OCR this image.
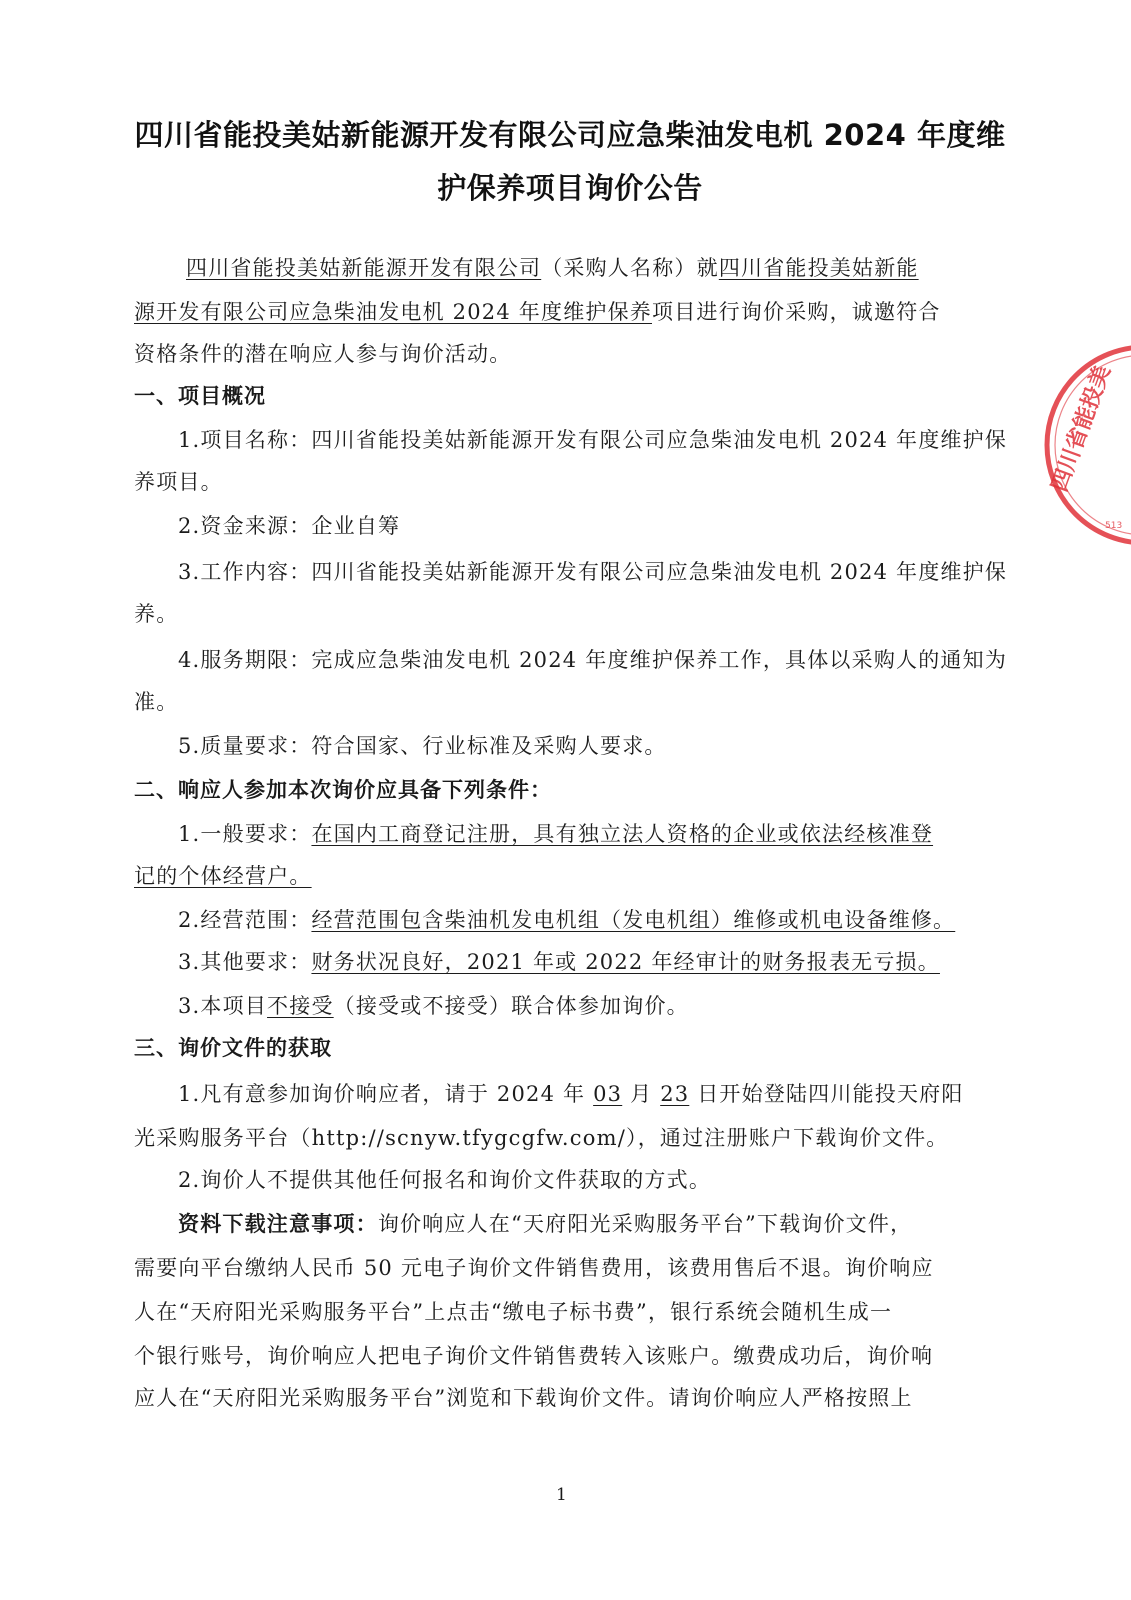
四川省能投美姑新能源开发有限公司应急柴油发电机 2024 年度维
护保养项目询价公告
四川省能投美姑新能源开发有限公司（采购人名称）就四川省能投美姑新能
源开发有限公司应急柴油发电机 2024 年度维护保养项目进行询价采购，诚邀符合
资格条件的潜在响应人参与询价活动。
一、项目概况
1.项目名称：四川省能投美姑新能源开发有限公司应急柴油发电机 2024 年度维护保
养项目。
2.资金来源：企业自筹
3.工作内容：四川省能投美姑新能源开发有限公司应急柴油发电机 2024 年度维护保
养。
4.服务期限：完成应急柴油发电机 2024 年度维护保养工作，具体以采购人的通知为
准。
5.质量要求：符合国家、行业标准及采购人要求。
二、响应人参加本次询价应具备下列条件：
1.一般要求：在国内工商登记注册，具有独立法人资格的企业或依法经核准登
记的个体经营户。
2.经营范围：经营范围包含柴油机发电机组（发电机组）维修或机电设备维修。
3.其他要求：财务状况良好，2021 年或 2022 年经审计的财务报表无亏损。
3.本项目不接受（接受或不接受）联合体参加询价。
三、询价文件的获取
1.凡有意参加询价响应者，请于 2024 年 03 月 23 日开始登陆四川能投天府阳
光采购服务平台（http://scnyw.tfygcgfw.com/），通过注册账户下载询价文件。
2.询价人不提供其他任何报名和询价文件获取的方式。
资料下载注意事项：询价响应人在“天府阳光采购服务平台”下载询价文件，
需要向平台缴纳人民币 50 元电子询价文件销售费用，该费用售后不退。询价响应
人在“天府阳光采购服务平台”上点击“缴电子标书费”，银行系统会随机生成一
个银行账号，询价响应人把电子询价文件销售费转入该账户。缴费成功后，询价响
应人在“天府阳光采购服务平台”浏览和下载询价文件。请询价响应人严格按照上
1
四川省能投美
513
